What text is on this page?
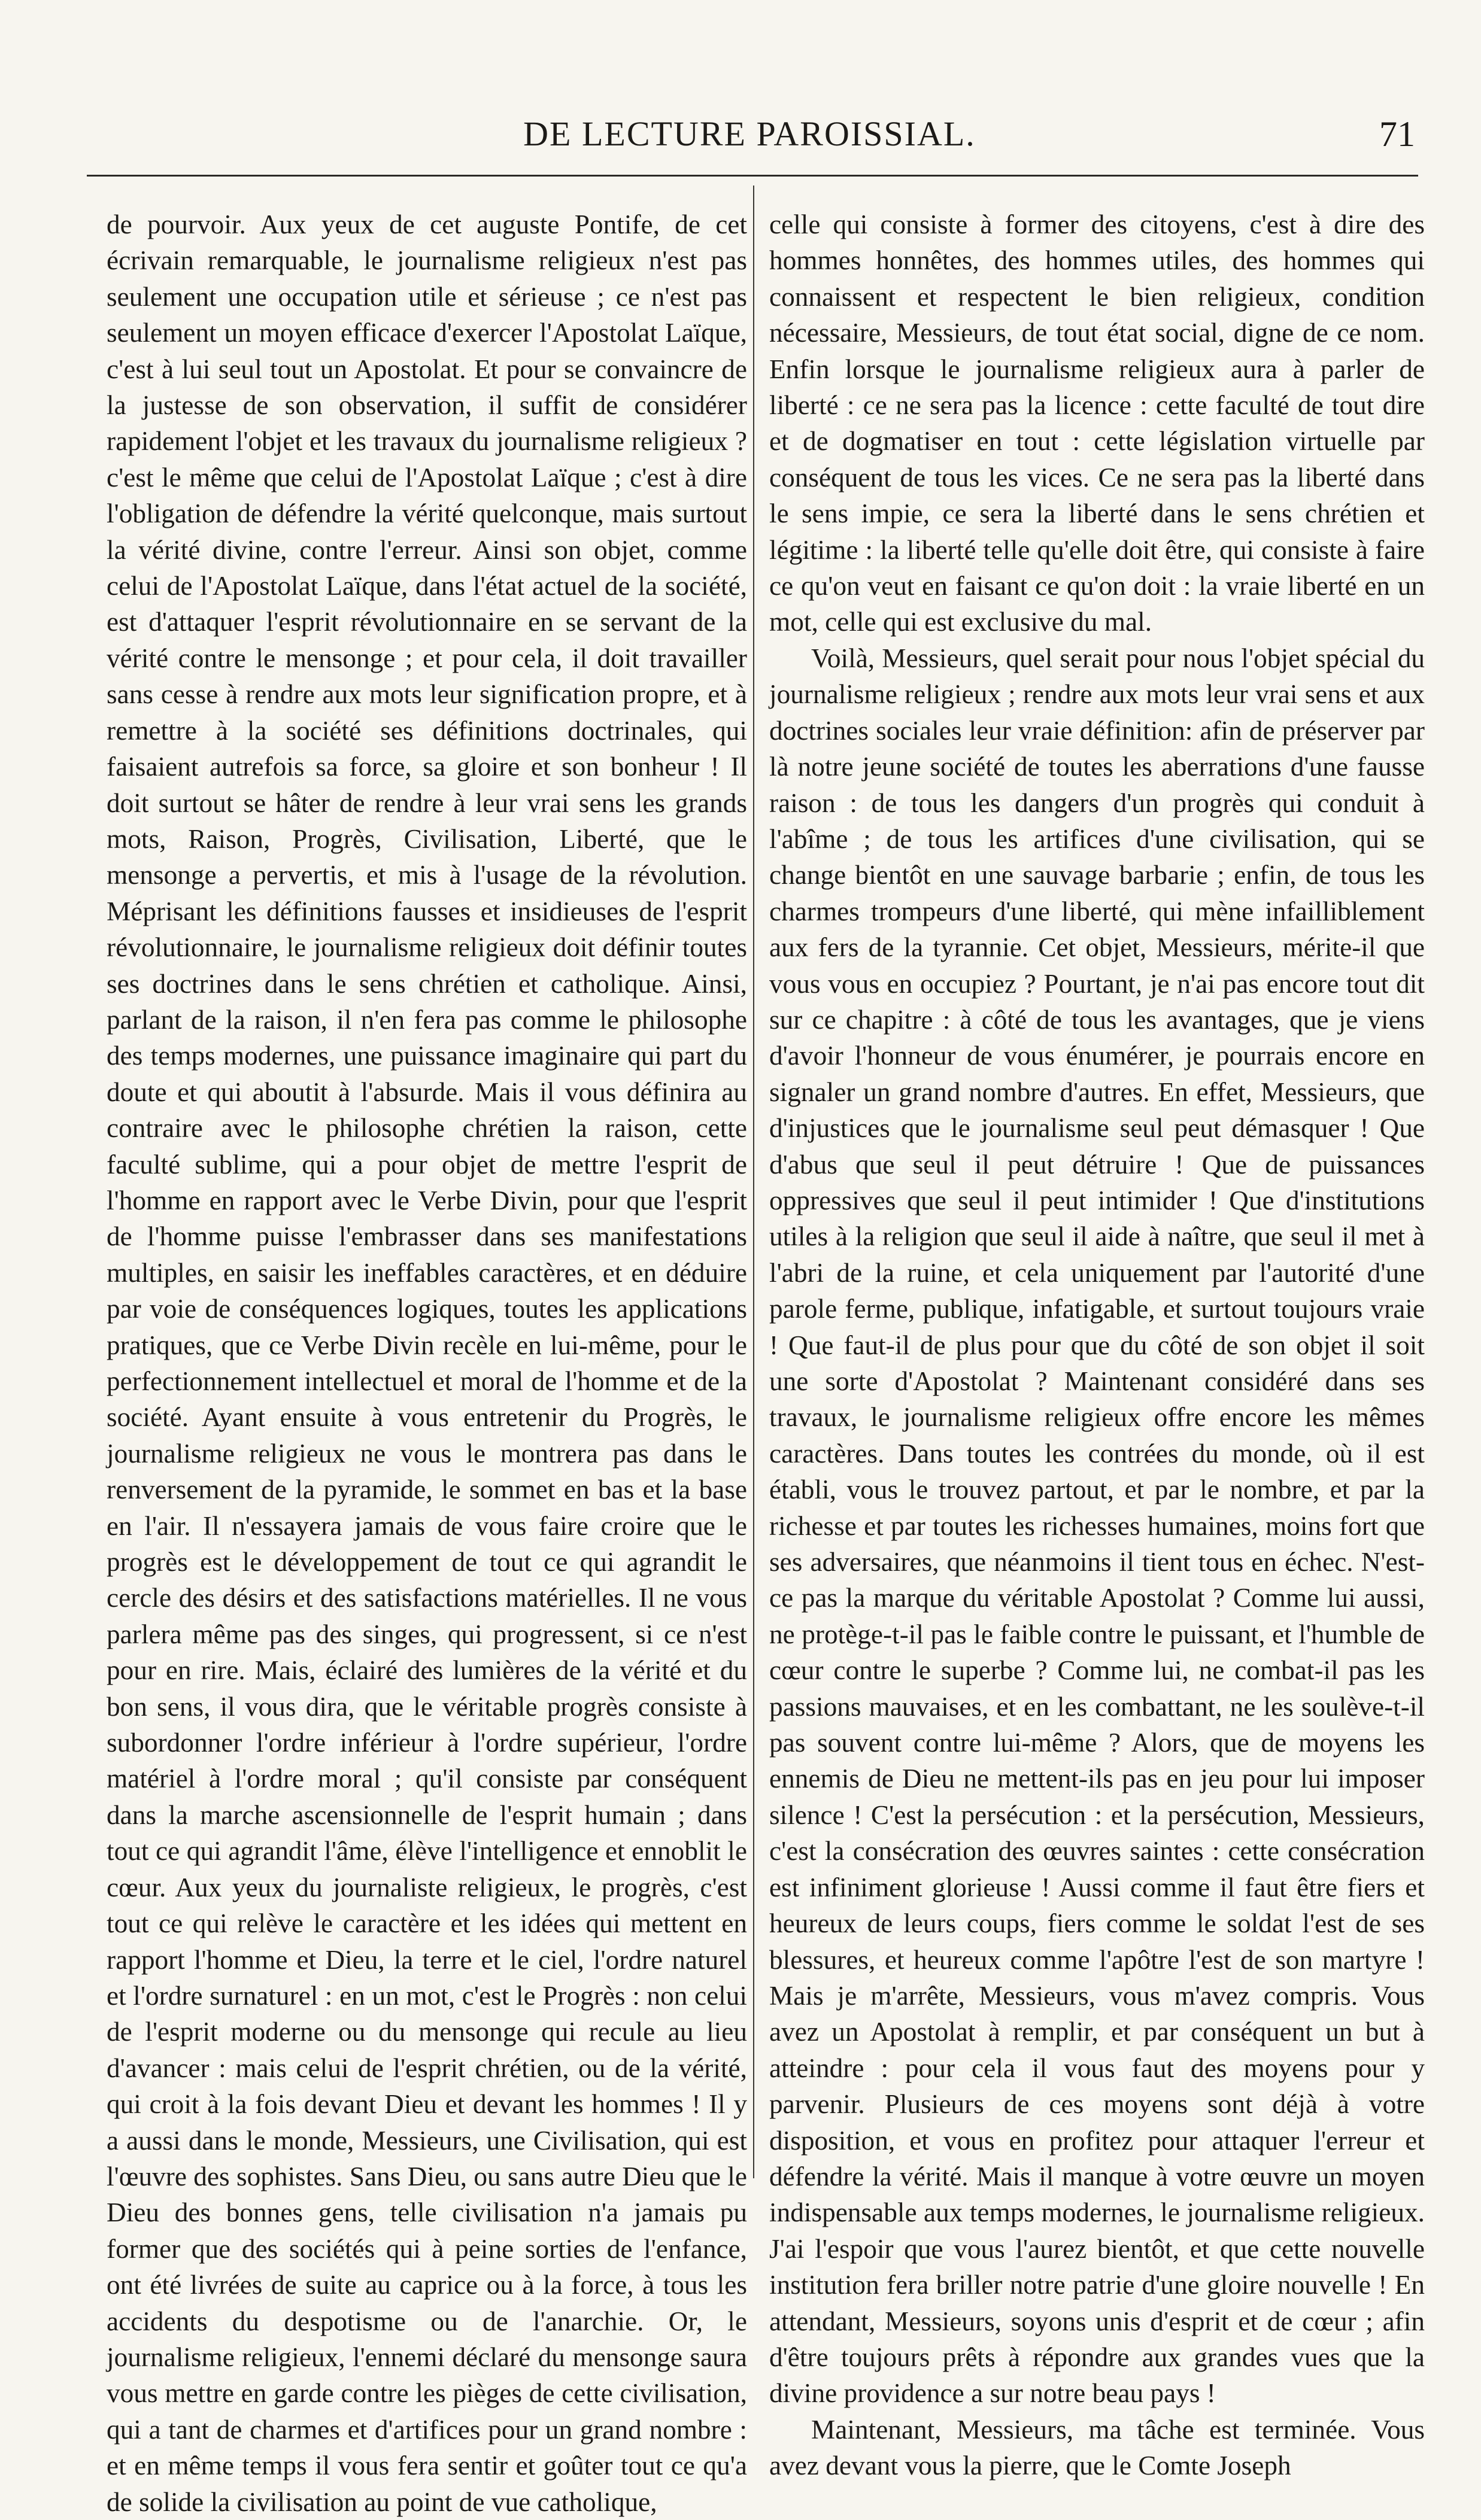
DE LECTURE PAROISSIAL.	71

de pourvoir. Aux yeux de cet auguste Pontife, de cet écrivain remarquable, le journalisme religieux n'est pas seulement une occupation utile et sérieuse ; ce n'est pas seulement un moyen efficace d'exercer l'Apostolat Laïque, c'est à lui seul tout un Apostolat. Et pour se convaincre de la justesse de son observation, il suffit de considérer rapidement l'objet et les travaux du journalisme religieux ? c'est le même que celui de l'Apostolat Laïque ; c'est à dire l'obligation de défendre la vérité quelconque, mais surtout la vérité divine, contre l'erreur. Ainsi son objet, comme celui de l'Apostolat Laïque, dans l'état actuel de la société, est d'attaquer l'esprit révolutionnaire en se servant de la vérité contre le mensonge ; et pour cela, il doit travailler sans cesse à rendre aux mots leur signification propre, et à remettre à la société ses définitions doctrinales, qui faisaient autrefois sa force, sa gloire et son bonheur ! Il doit surtout se hâter de rendre à leur vrai sens les grands mots, Raison, Progrès, Civilisation, Liberté, que le mensonge a pervertis, et mis à l'usage de la révolution. Méprisant les définitions fausses et insidieuses de l'esprit révolutionnaire, le journalisme religieux doit définir toutes ses doctrines dans le sens chrétien et catholique. Ainsi, parlant de la raison, il n'en fera pas comme le philosophe des temps modernes, une puissance imaginaire qui part du doute et qui aboutit à l'absurde. Mais il vous définira au contraire avec le philosophe chrétien la raison, cette faculté sublime, qui a pour objet de mettre l'esprit de l'homme en rapport avec le Verbe Divin, pour que l'esprit de l'homme puisse l'embrasser dans ses manifestations multiples, en saisir les ineffables caractères, et en déduire par voie de conséquences logiques, toutes les applications pratiques, que ce Verbe Divin recèle en lui-même, pour le perfectionnement intellectuel et moral de l'homme et de la société. Ayant ensuite à vous entretenir du Progrès, le journalisme religieux ne vous le montrera pas dans le renversement de la pyramide, le sommet en bas et la base en l'air. Il n'essayera jamais de vous faire croire que le progrès est le développement de tout ce qui agrandit le cercle des désirs et des satisfactions matérielles. Il ne vous parlera même pas des singes, qui progressent, si ce n'est pour en rire. Mais, éclairé des lumières de la vérité et du bon sens, il vous dira, que le véritable progrès consiste à subordonner l'ordre inférieur à l'ordre supérieur, l'ordre matériel à l'ordre moral ; qu'il consiste par conséquent dans la marche ascensionnelle de l'esprit humain ; dans tout ce qui agrandit l'âme, élève l'intelligence et ennoblit le cœur. Aux yeux du journaliste religieux, le progrès, c'est tout ce qui relève le caractère et les idées qui mettent en rapport l'homme et Dieu, la terre et le ciel, l'ordre naturel et l'ordre surnaturel : en un mot, c'est le Progrès : non celui de l'esprit moderne ou du mensonge qui recule au lieu d'avancer : mais celui de l'esprit chrétien, ou de la vérité, qui croit à la fois devant Dieu et devant les hommes ! Il y a aussi dans le monde, Messieurs, une Civilisation, qui est l'œuvre des sophistes. Sans Dieu, ou sans autre Dieu que le Dieu des bonnes gens, telle civilisation n'a jamais pu former que des sociétés qui à peine sorties de l'enfance, ont été livrées de suite au caprice ou à la force, à tous les accidents du despotisme ou de l'anarchie. Or, le journalisme religieux, l'ennemi déclaré du mensonge saura vous mettre en garde contre les pièges de cette civilisation, qui a tant de charmes et d'artifices pour un grand nombre : et en même temps il vous fera sentir et goûter tout ce qu'a de solide la civilisation au point de vue catholique,

celle qui consiste à former des citoyens, c'est à dire des hommes honnêtes, des hommes utiles, des hommes qui connaissent et respectent le bien religieux, condition nécessaire, Messieurs, de tout état social, digne de ce nom. Enfin lorsque le journalisme religieux aura à parler de liberté : ce ne sera pas la licence : cette faculté de tout dire et de dogmatiser en tout : cette législation virtuelle par conséquent de tous les vices. Ce ne sera pas la liberté dans le sens impie, ce sera la liberté dans le sens chrétien et légitime : la liberté telle qu'elle doit être, qui consiste à faire ce qu'on veut en faisant ce qu'on doit : la vraie liberté en un mot, celle qui est exclusive du mal.

Voilà, Messieurs, quel serait pour nous l'objet spécial du journalisme religieux ; rendre aux mots leur vrai sens et aux doctrines sociales leur vraie définition: afin de préserver par là notre jeune société de toutes les aberrations d'une fausse raison : de tous les dangers d'un progrès qui conduit à l'abîme ; de tous les artifices d'une civilisation, qui se change bientôt en une sauvage barbarie ; enfin, de tous les charmes trompeurs d'une liberté, qui mène infailliblement aux fers de la tyrannie. Cet objet, Messieurs, mérite-il que vous vous en occupiez ? Pourtant, je n'ai pas encore tout dit sur ce chapitre : à côté de tous les avantages, que je viens d'avoir l'honneur de vous énumérer, je pourrais encore en signaler un grand nombre d'autres. En effet, Messieurs, que d'injustices que le journalisme seul peut démasquer ! Que d'abus que seul il peut détruire ! Que de puissances oppressives que seul il peut intimider ! Que d'institutions utiles à la religion que seul il aide à naître, que seul il met à l'abri de la ruine, et cela uniquement par l'autorité d'une parole ferme, publique, infatigable, et surtout toujours vraie ! Que faut-il de plus pour que du côté de son objet il soit une sorte d'Apostolat ? Maintenant considéré dans ses travaux, le journalisme religieux offre encore les mêmes caractères. Dans toutes les contrées du monde, où il est établi, vous le trouvez partout, et par le nombre, et par la richesse et par toutes les richesses humaines, moins fort que ses adversaires, que néanmoins il tient tous en échec. N'est-ce pas la marque du véritable Apostolat ? Comme lui aussi, ne protège-t-il pas le faible contre le puissant, et l'humble de cœur contre le superbe ? Comme lui, ne combat-il pas les passions mauvaises, et en les combattant, ne les soulève-t-il pas souvent contre lui-même ? Alors, que de moyens les ennemis de Dieu ne mettent-ils pas en jeu pour lui imposer silence ! C'est la persécution : et la persécution, Messieurs, c'est la consécration des œuvres saintes : cette consécration est infiniment glorieuse ! Aussi comme il faut être fiers et heureux de leurs coups, fiers comme le soldat l'est de ses blessures, et heureux comme l'apôtre l'est de son martyre ! Mais je m'arrête, Messieurs, vous m'avez compris. Vous avez un Apostolat à remplir, et par conséquent un but à atteindre : pour cela il vous faut des moyens pour y parvenir. Plusieurs de ces moyens sont déjà à votre disposition, et vous en profitez pour attaquer l'erreur et défendre la vérité. Mais il manque à votre œuvre un moyen indispensable aux temps modernes, le journalisme religieux. J'ai l'espoir que vous l'aurez bientôt, et que cette nouvelle institution fera briller notre patrie d'une gloire nouvelle ! En attendant, Messieurs, soyons unis d'esprit et de cœur ; afin d'être toujours prêts à répondre aux grandes vues que la divine providence a sur notre beau pays !

Maintenant, Messieurs, ma tâche est terminée. Vous avez devant vous la pierre, que le Comte Joseph
